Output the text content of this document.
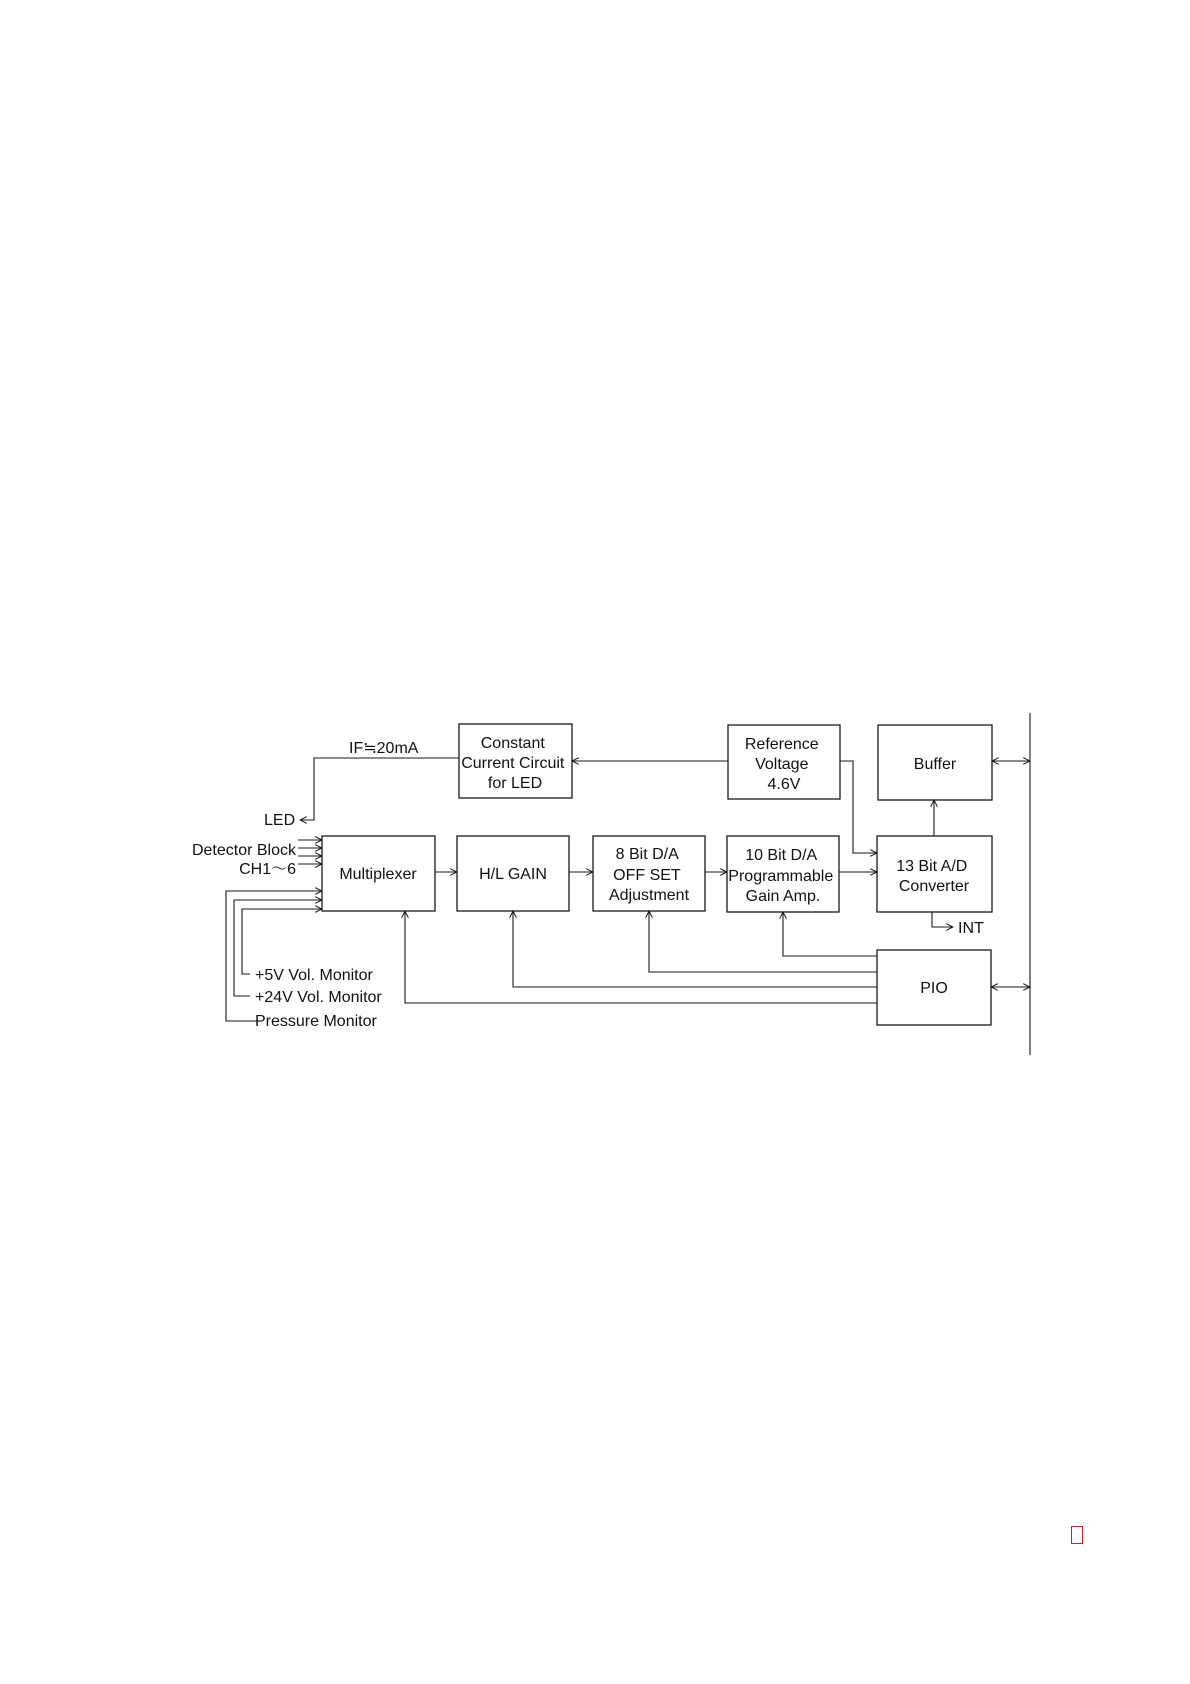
Constant Current Circuit for LED
Reference Voltage 4.6V
Buffer
Multiplexer	H/L GAIN
8 Bit D/A OFF SET Adjustment
10 Bit D/A Programmable Gain Amp.
13 Bit A/D Converter
PIO
IF≒20mA
LED
Detector Block
CH1～6
INT
+5V Vol. Monitor
+24V Vol. Monitor
Pressure Monitor
